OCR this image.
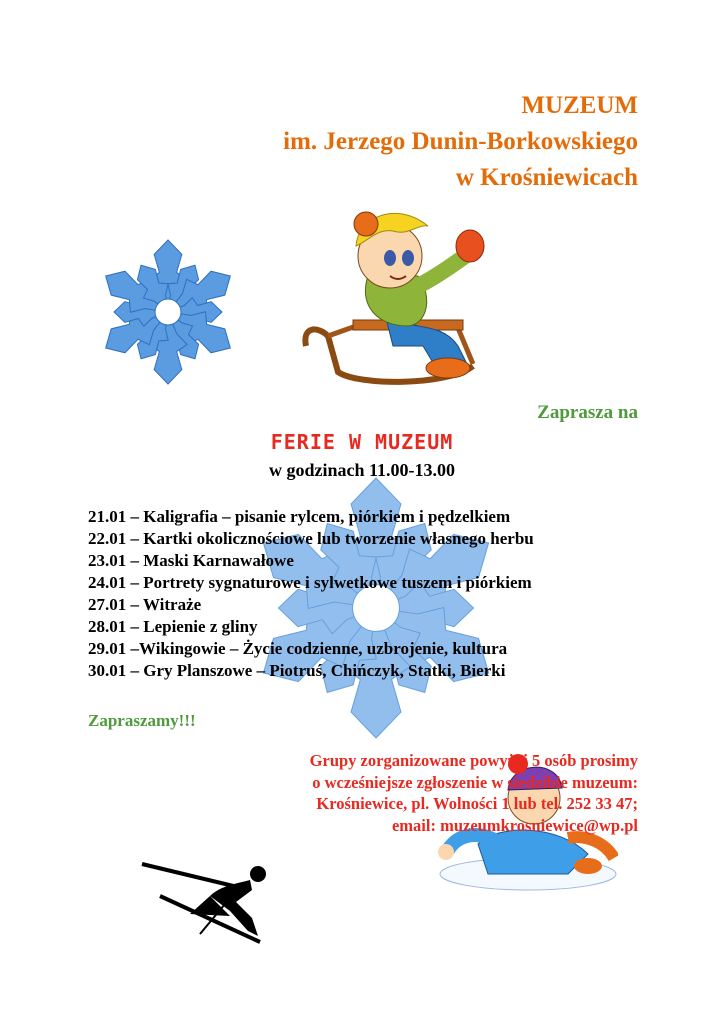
MUZEUM
im. Jerzego Dunin-Borkowskiego
w Krośniewicach
Zaprasza na
FERIE W MUZEUM
w godzinach 11.00-13.00
21.01 – Kaligrafia – pisanie rylcem, piórkiem i pędzelkiem
22.01 – Kartki okolicznościowe lub tworzenie własnego herbu
23.01 – Maski Karnawałowe
24.01 – Portrety sygnaturowe i sylwetkowe tuszem i piórkiem
27.01 – Witraże
28.01 – Lepienie z gliny
29.01 –Wikingowie – Życie codzienne, uzbrojenie, kultura
30.01 – Gry Planszowe – Piotruś, Chińczyk, Statki, Bierki
Zapraszamy!!!
Grupy zorganizowane powyżej 5 osób prosimy
o wcześniejsze zgłoszenie w siedzibie muzeum:
Krośniewice, pl. Wolności 1 lub tel. 252 33 47;
email: muzeumkrosniewice@wp.pl
